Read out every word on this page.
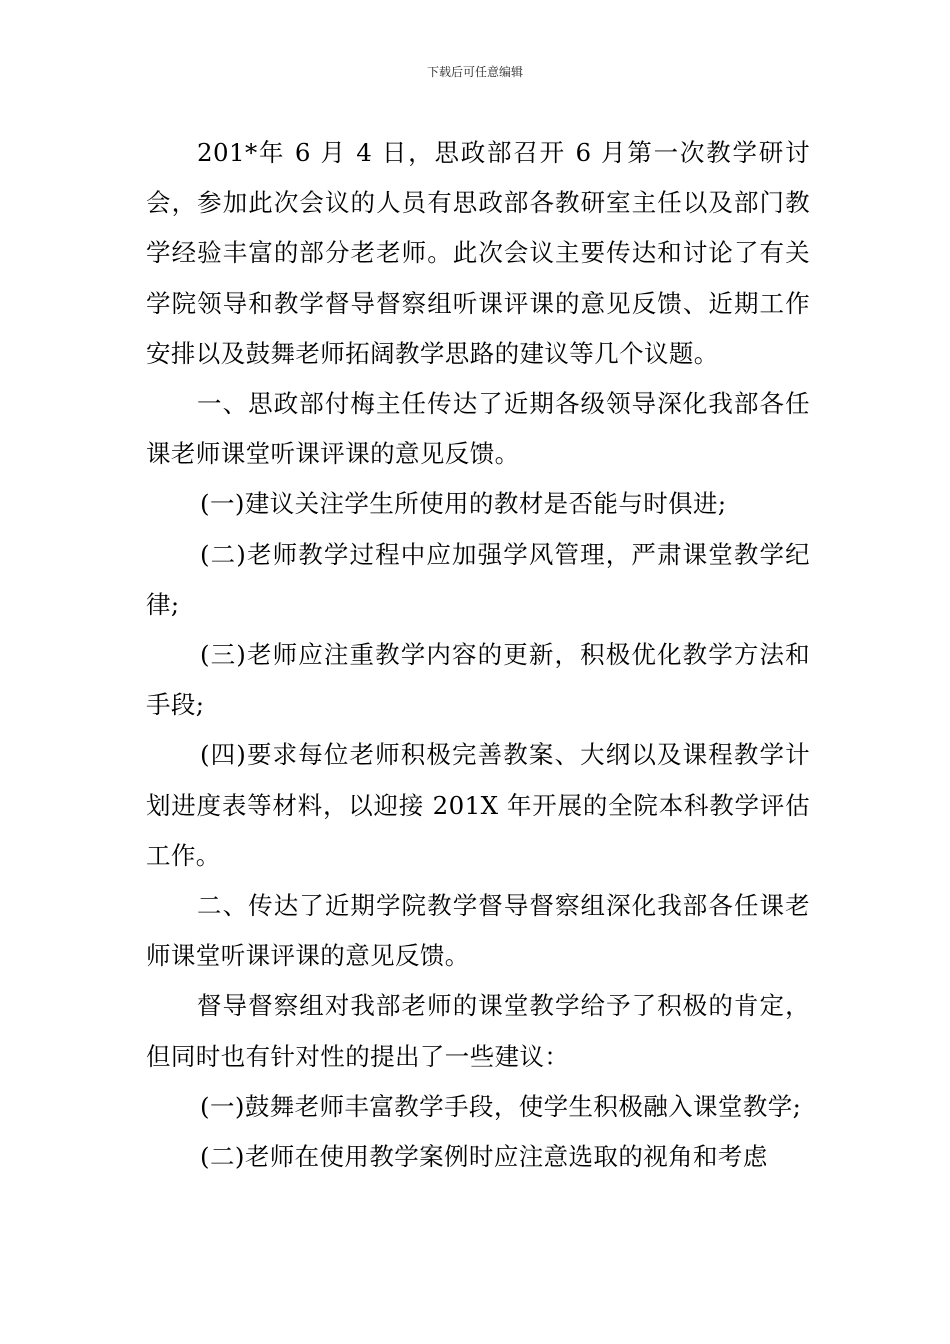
下载后可任意编辑

201*年 6 月 4 日，思政部召开 6 月第一次教学研讨会，参加此次会议的人员有思政部各教研室主任以及部门教学经验丰富的部分老老师。此次会议主要传达和讨论了有关学院领导和教学督导督察组听课评课的意见反馈、近期工作安排以及鼓舞老师拓阔教学思路的建议等几个议题。

一、思政部付梅主任传达了近期各级领导深化我部各任课老师课堂听课评课的意见反馈。

(一)建议关注学生所使用的教材是否能与时俱进;

(二)老师教学过程中应加强学风管理，严肃课堂教学纪律;

(三)老师应注重教学内容的更新，积极优化教学方法和手段;

(四)要求每位老师积极完善教案、大纲以及课程教学计划进度表等材料，以迎接 201X 年开展的全院本科教学评估工作。

二、传达了近期学院教学督导督察组深化我部各任课老师课堂听课评课的意见反馈。

督导督察组对我部老师的课堂教学给予了积极的肯定，但同时也有针对性的提出了一些建议：

(一)鼓舞老师丰富教学手段，使学生积极融入课堂教学;

(二)老师在使用教学案例时应注意选取的视角和考虑
